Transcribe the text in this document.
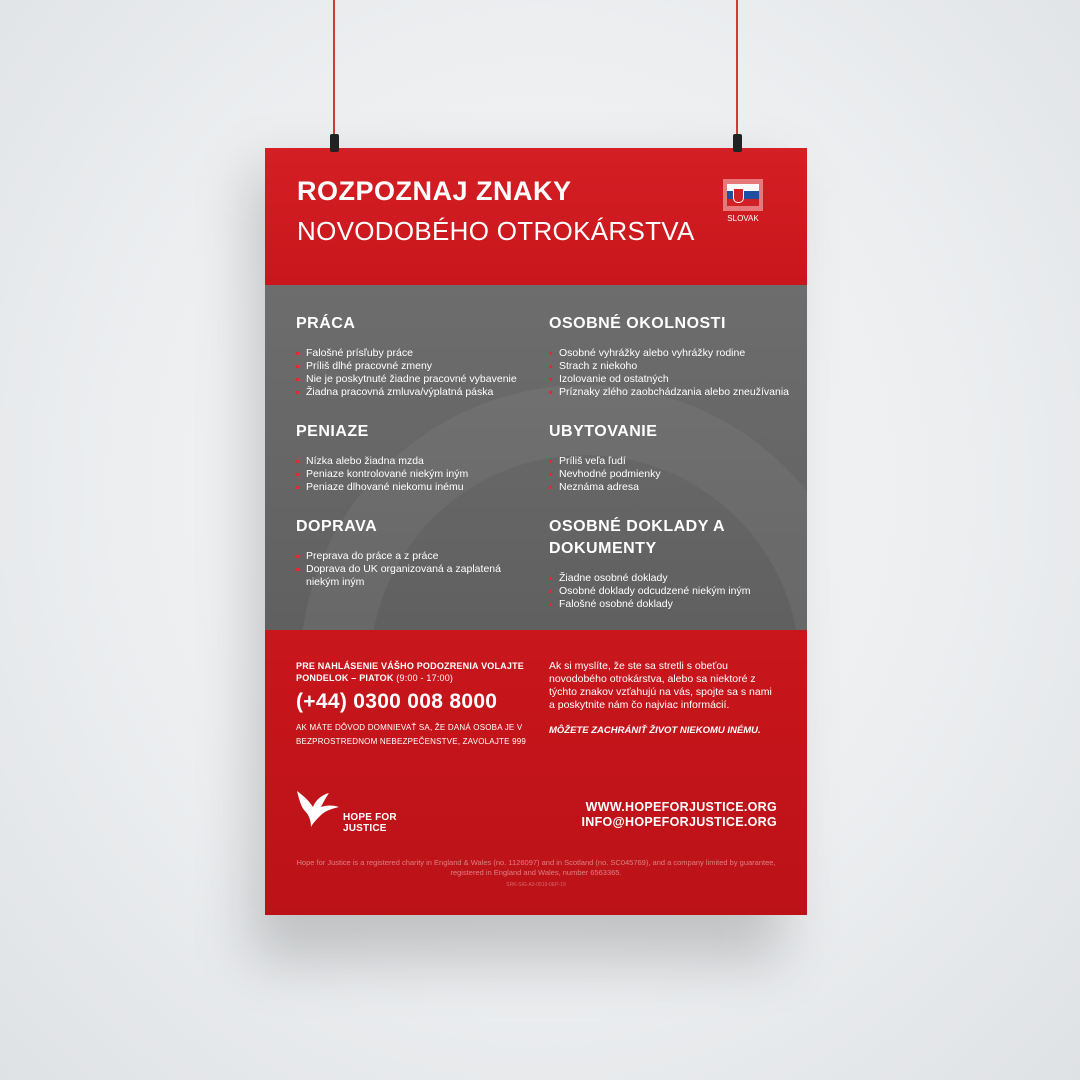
ROZPOZNAJ ZNAKY
NOVODOBÉHO OTROKÁRSTVA	SLOVAK
PRÁCA
Falošné prísľuby práce
Príliš dlhé pracovné zmeny
Nie je poskytnuté žiadne pracovné vybavenie
Žiadna pracovná zmluva/výplatná páska
PENIAZE
Nízka alebo žiadna mzda
Peniaze kontrolované niekým iným
Peniaze dlhované niekomu inému
DOPRAVA
Preprava do práce a z práce
Doprava do UK organizovaná a zaplatená niekým iným
OSOBNÉ OKOLNOSTI
Osobné vyhrážky alebo vyhrážky rodine
Strach z niekoho
Izolovanie od ostatných
Príznaky zlého zaobchádzania alebo zneužívania
UBYTOVANIE
Príliš veľa ľudí
Nevhodné podmienky
Neznáma adresa
OSOBNÉ DOKLADY A DOKUMENTY
Žiadne osobné doklady
Osobné doklady odcudzené niekým iným
Falošné osobné doklady
PRE NAHLÁSENIE VÁŠHO PODOZRENIA VOLAJTE PONDELOK – PIATOK (9:00 - 17:00)
(+44) 0300 008 8000
AK MÁTE DÔVOD DOMNIEVAŤ SA, ŽE DANÁ OSOBA JE V BEZPROSTREDNOM NEBEZPEČENSTVE, ZAVOLAJTE 999
Ak si myslíte, že ste sa stretli s obeťou novodobého otrokárstva, alebo sa niektoré z týchto znakov vzťahujú na vás, spojte sa s nami a poskytnite nám čo najviac informácií.
MÔŽETE ZACHRÁNIŤ ŽIVOT NIEKOMU INÉMU.
HOPE FOR JUSTICE
WWW.HOPEFORJUSTICE.ORG
INFO@HOPEFORJUSTICE.ORG
Hope for Justice is a registered charity in England & Wales (no. 1126097) and in Scotland (no. SC045769), and a company limited by guarantee, registered in England and Wales, number 6563365.
SRK-SIG-A3-0519-0EP-19
